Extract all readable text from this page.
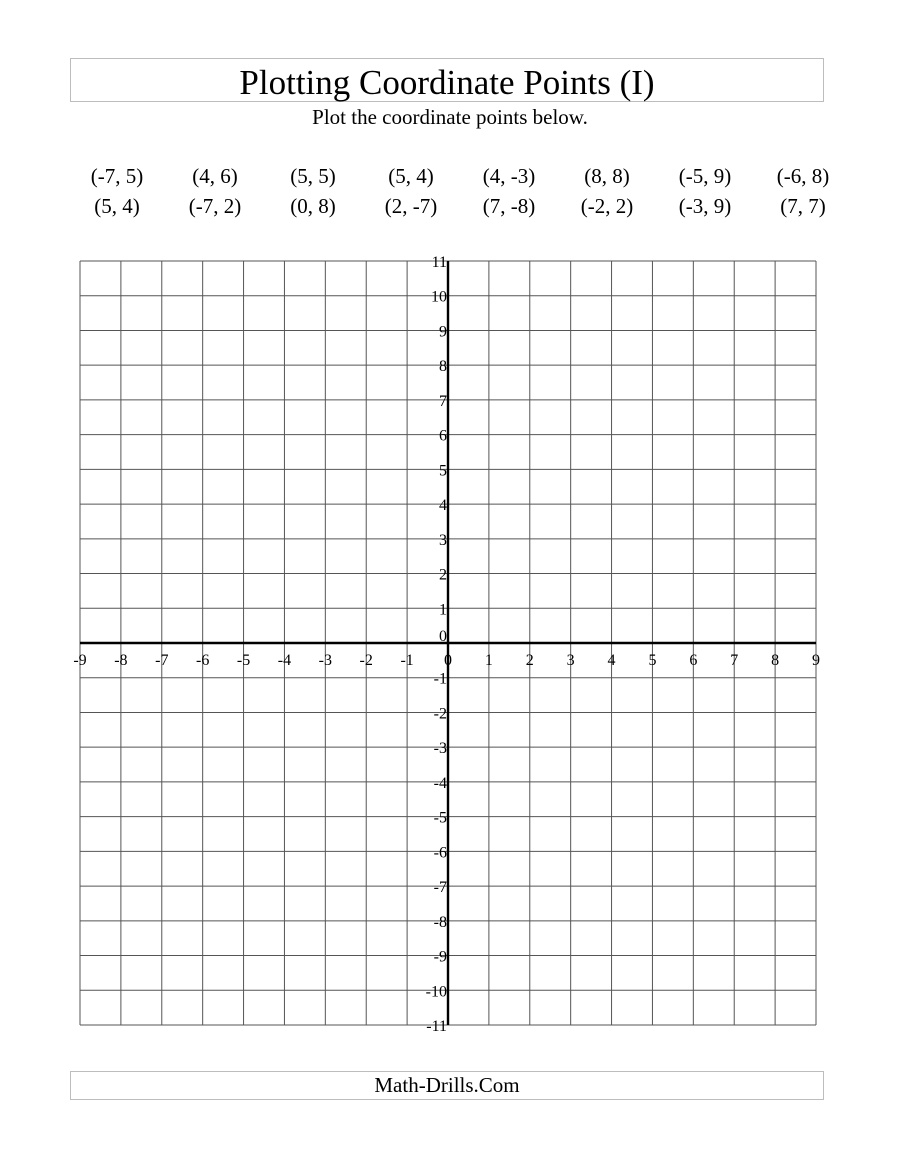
Plotting Coordinate Points (I)
Plot the coordinate points below.
(-7, 5)	(4, 6)	(5, 5)	(5, 4)	(4, -3)	(8, 8)	(-5, 9)	(-6, 8)
(5, 4)	(-7, 2)	(0, 8)	(2, -7)	(7, -8)	(-2, 2)	(-3, 9)	(7, 7)
-9 -8 -7 -6 -5 -4 -3 -2 -1 0 1 2 3 4 5 6 7 8 9
-11
-10
-9
-8
-7
-6
-5
-4
-3
-2
-1
1
2
3
4
5
6
7
8
9
10
11
0
Math-Drills.Com
